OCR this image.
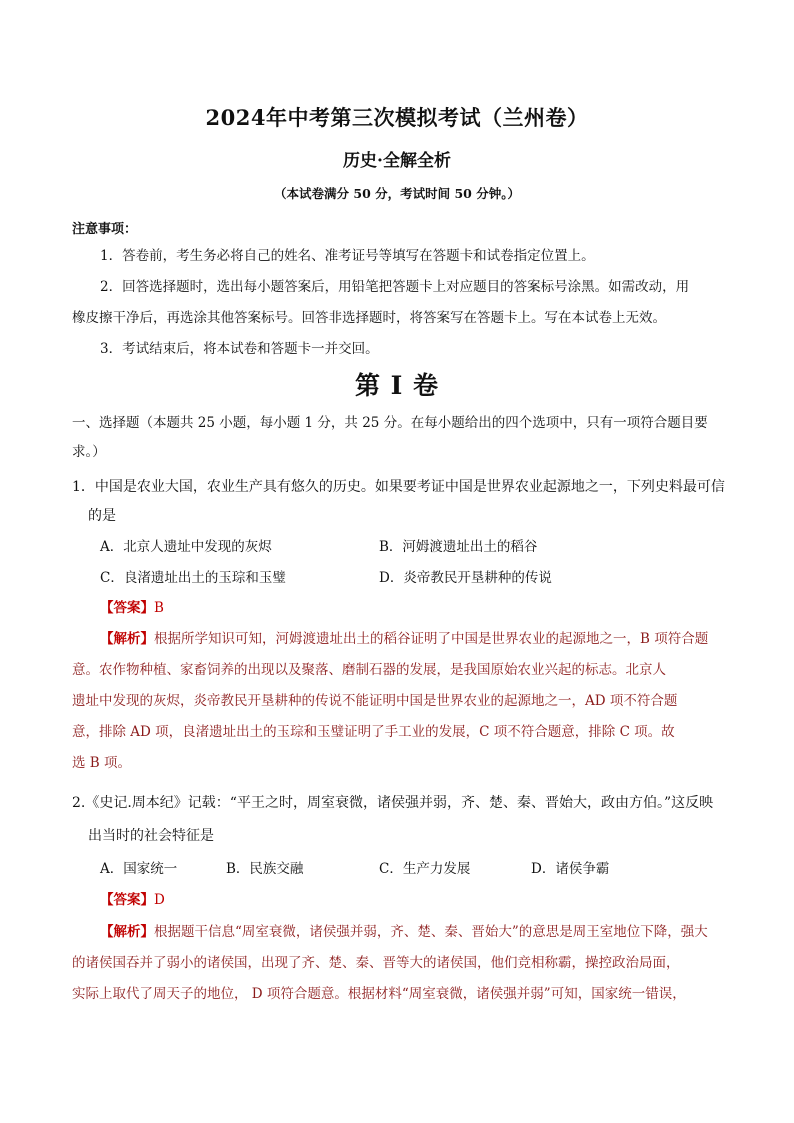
2024年中考第三次模拟考试（兰州卷）
历史·全解全析
（本试卷满分 50 分，考试时间 50 分钟。）
注意事项：
1．答卷前，考生务必将自己的姓名、准考证号等填写在答题卡和试卷指定位置上。
2．回答选择题时，选出每小题答案后，用铅笔把答题卡上对应题目的答案标号涂黑。如需改动，用
橡皮擦干净后，再选涂其他答案标号。回答非选择题时，将答案写在答题卡上。写在本试卷上无效。
3．考试结束后，将本试卷和答题卡一并交回。
第 I 卷
一、选择题（本题共 25 小题，每小题 1 分，共 25 分。在每小题给出的四个选项中，只有一项符合题目要
求。）
1．中国是农业大国，农业生产具有悠久的历史。如果要考证中国是世界农业起源地之一，下列史料最可信
的是
A．北京人遗址中发现的灰烬	B．河姆渡遗址出土的稻谷
C．良渚遗址出土的玉琮和玉璧	D．炎帝教民开垦耕种的传说
【答案】B
【解析】根据所学知识可知，河姆渡遗址出土的稻谷证明了中国是世界农业的起源地之一，B 项符合题
意。农作物种植、家畜饲养的出现以及聚落、磨制石器的发展，是我国原始农业兴起的标志。北京人
遗址中发现的灰烬，炎帝教民开垦耕种的传说不能证明中国是世界农业的起源地之一，AD 项不符合题
意，排除 AD 项，良渚遗址出土的玉琮和玉璧证明了手工业的发展，C 项不符合题意，排除 C 项。故
选 B 项。
2.《史记.周本纪》记载：“平王之时，周室衰微，诸侯强并弱，齐、楚、秦、晋始大，政由方伯。”这反映
出当时的社会特征是
A．国家统一	B．民族交融	C．生产力发展	D．诸侯争霸
【答案】D
【解析】根据题干信息“周室衰微，诸侯强并弱，齐、楚、秦、晋始大”的意思是周王室地位下降，强大
的诸侯国吞并了弱小的诸侯国，出现了齐、楚、秦、晋等大的诸侯国，他们竞相称霸，操控政治局面，
实际上取代了周天子的地位， D 项符合题意。根据材料“周室衰微，诸侯强并弱”可知，国家统一错误，
